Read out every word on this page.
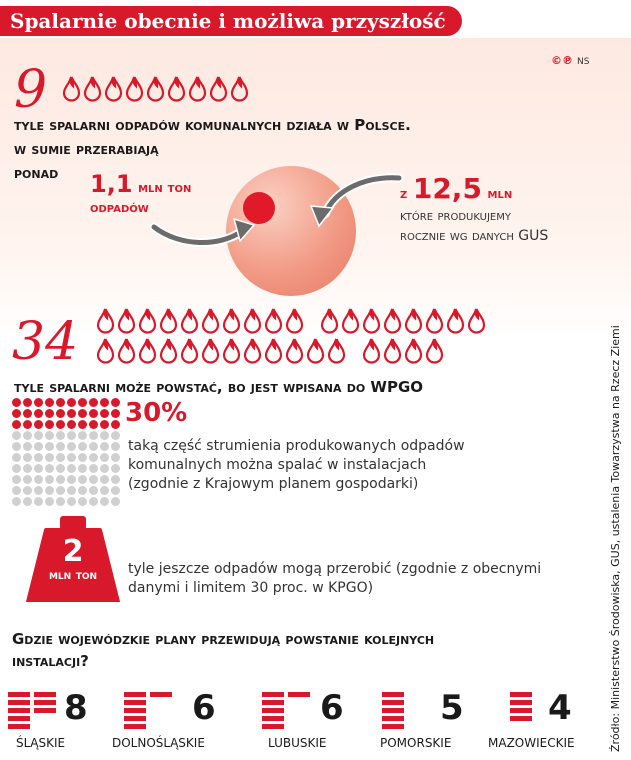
Spalarnie obecnie i możliwa przyszłość
©℗ NS
9
tyle spalarni odpadów komunalnych działa w Polsce.
w sumie przerabiają
ponad 1,1 mln ton
odpadów
z 12,5 mln
które produkujemy
rocznie wg danych GUS
34
tyle spalarni może powstać, bo jest wpisana do WPGO
30%
taką część strumienia produkowanych odpadów
komunalnych można spalać w instalacjach
(zgodnie z Krajowym planem gospodarki)
2
mln ton	tyle jeszcze odpadów mogą przerobić (zgodnie z obecnymi
danymi i limitem 30 proc. w KPGO)
Gdzie wojewódzkie plany przewidują powstanie kolejnych
instalacji?
8
ŚLĄSKIE
6
DOLNOŚLĄSKIE
6
LUBUSKIE
5
POMORSKIE
4
MAZOWIECKIE	Źródło: Ministerstwo Środowiska, GUS, ustalenia Towarzystwa na Rzecz Ziemi
